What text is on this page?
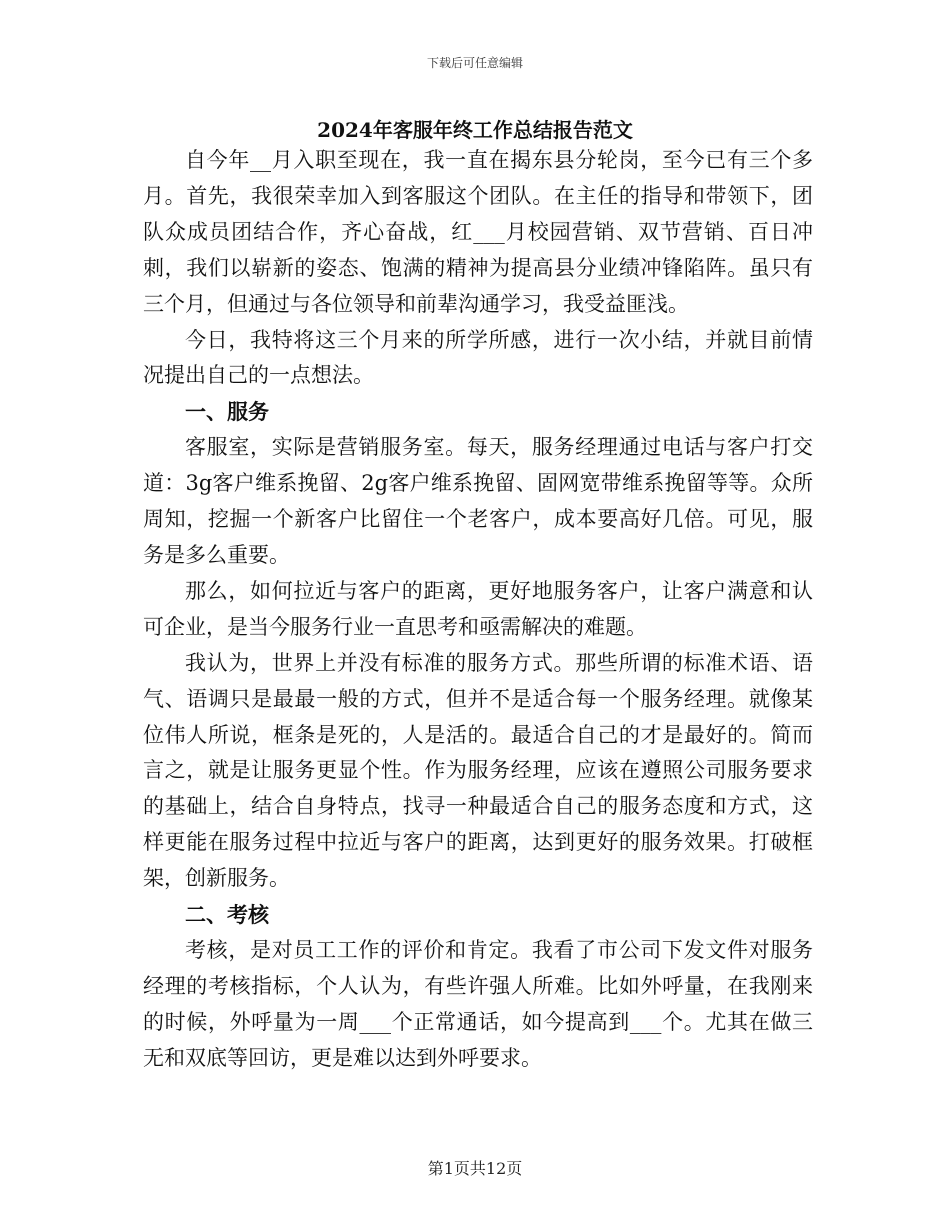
下载后可任意编辑
2024年客服年终工作总结报告范文

自今年__月入职至现在，我一直在揭东县分轮岗，至今已有三个多月。首先，我很荣幸加入到客服这个团队。在主任的指导和带领下，团队众成员团结合作，齐心奋战，红___月校园营销、双节营销、百日冲刺，我们以崭新的姿态、饱满的精神为提高县分业绩冲锋陷阵。虽只有三个月，但通过与各位领导和前辈沟通学习，我受益匪浅。

今日，我特将这三个月来的所学所感，进行一次小结，并就目前情况提出自己的一点想法。

一、服务

客服室，实际是营销服务室。每天，服务经理通过电话与客户打交道：3g客户维系挽留、2g客户维系挽留、固网宽带维系挽留等等。众所周知，挖掘一个新客户比留住一个老客户，成本要高好几倍。可见，服务是多么重要。

那么，如何拉近与客户的距离，更好地服务客户，让客户满意和认可企业，是当今服务行业一直思考和亟需解决的难题。

我认为，世界上并没有标准的服务方式。那些所谓的标准术语、语气、语调只是最最一般的方式，但并不是适合每一个服务经理。就像某位伟人所说，框条是死的，人是活的。最适合自己的才是最好的。简而言之，就是让服务更显个性。作为服务经理，应该在遵照公司服务要求的基础上，结合自身特点，找寻一种最适合自己的服务态度和方式，这样更能在服务过程中拉近与客户的距离，达到更好的服务效果。打破框架，创新服务。

二、考核

考核，是对员工工作的评价和肯定。我看了市公司下发文件对服务经理的考核指标，个人认为，有些许强人所难。比如外呼量，在我刚来的时候，外呼量为一周___个正常通话，如今提高到___个。尤其在做三无和双底等回访，更是难以达到外呼要求。

第1页共12页
